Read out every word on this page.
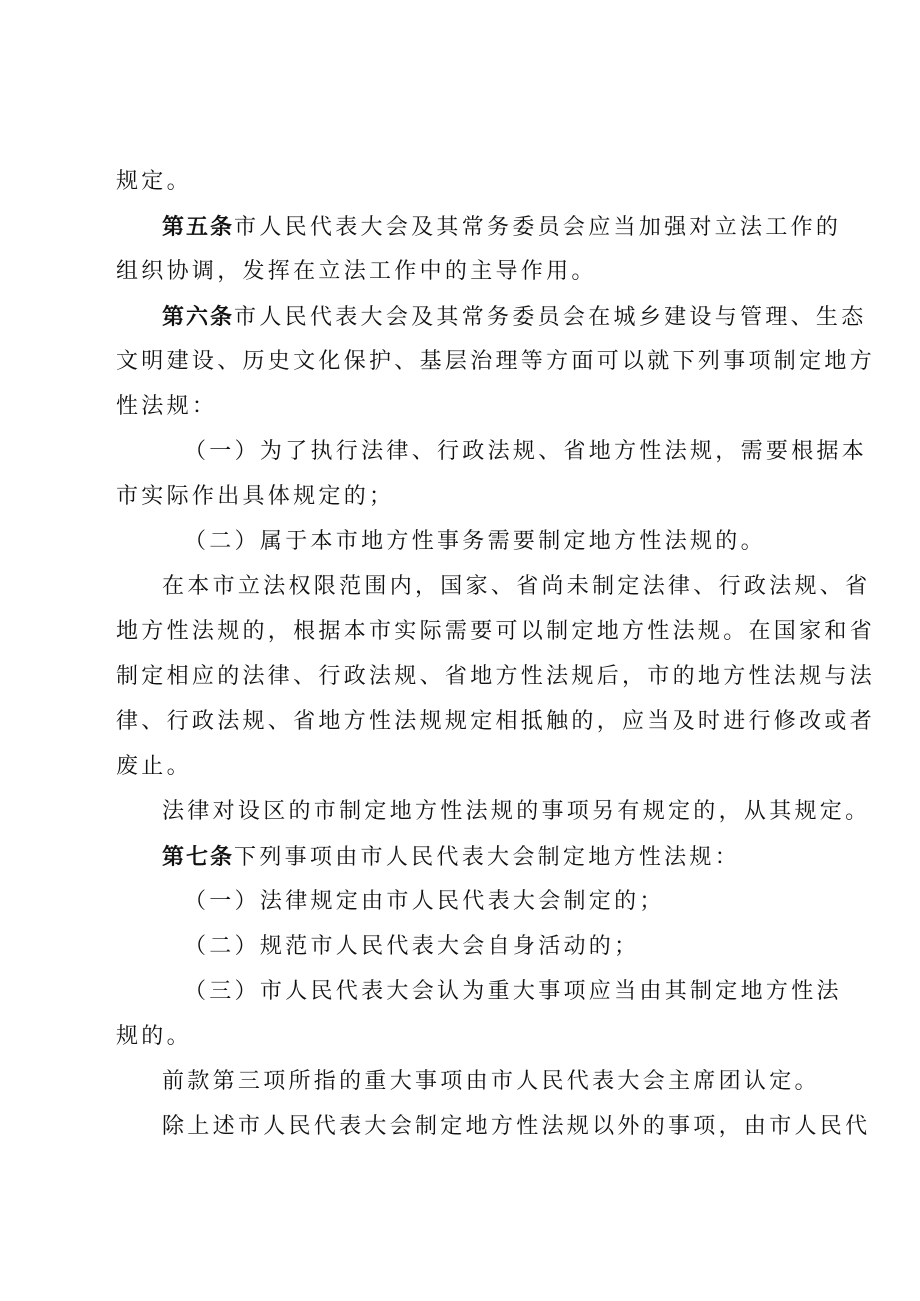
规定。
第五条市人民代表大会及其常务委员会应当加强对立法工作的
组织协调，发挥在立法工作中的主导作用。
第六条市人民代表大会及其常务委员会在城乡建设与管理、生态
文明建设、历史文化保护、基层治理等方面可以就下列事项制定地方
性法规：
（一）为了执行法律、行政法规、省地方性法规，需要根据本
市实际作出具体规定的；
（二）属于本市地方性事务需要制定地方性法规的。
在本市立法权限范围内，国家、省尚未制定法律、行政法规、省
地方性法规的，根据本市实际需要可以制定地方性法规。在国家和省
制定相应的法律、行政法规、省地方性法规后，市的地方性法规与法
律、行政法规、省地方性法规规定相抵触的，应当及时进行修改或者
废止。
法律对设区的市制定地方性法规的事项另有规定的，从其规定。
第七条下列事项由市人民代表大会制定地方性法规：
（一）法律规定由市人民代表大会制定的；
（二）规范市人民代表大会自身活动的；
（三）市人民代表大会认为重大事项应当由其制定地方性法
规的。
前款第三项所指的重大事项由市人民代表大会主席团认定。
除上述市人民代表大会制定地方性法规以外的事项，由市人民代
